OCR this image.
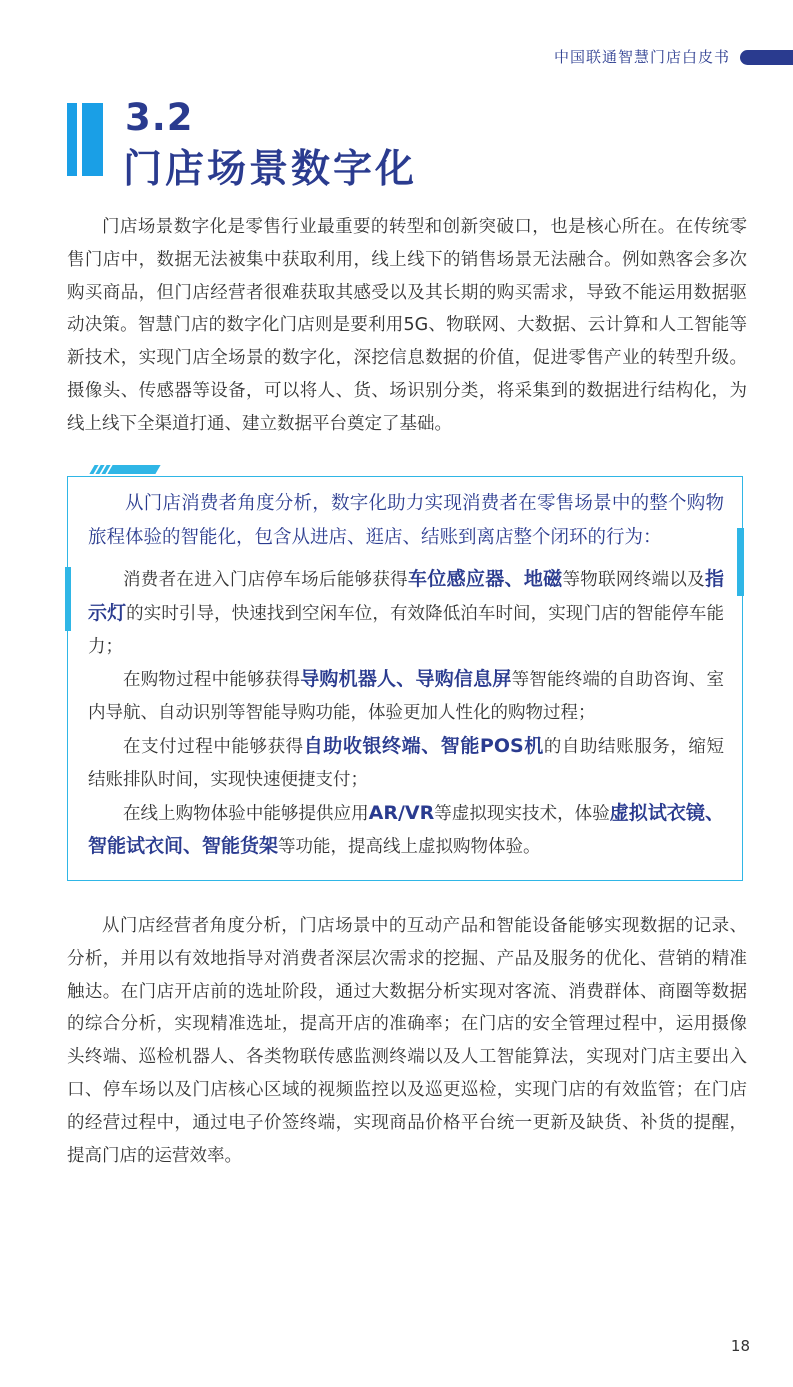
中国联通智慧门店白皮书
3.2
门店场景数字化

门店场景数字化是零售行业最重要的转型和创新突破口，也是核心所在。在传统零售门店中，数据无法被集中获取利用，线上线下的销售场景无法融合。例如熟客会多次购买商品，但门店经营者很难获取其感受以及其长期的购买需求，导致不能运用数据驱动决策。智慧门店的数字化门店则是要利用5G、物联网、大数据、云计算和人工智能等新技术，实现门店全场景的数字化，深挖信息数据的价值，促进零售产业的转型升级。摄像头、传感器等设备，可以将人、货、场识别分类，将采集到的数据进行结构化，为线上线下全渠道打通、建立数据平台奠定了基础。

从门店消费者角度分析，数字化助力实现消费者在零售场景中的整个购物旅程体验的智能化，包含从进店、逛店、结账到离店整个闭环的行为：

消费者在进入门店停车场后能够获得车位感应器、地磁等物联网终端以及指示灯的实时引导，快速找到空闲车位，有效降低泊车时间，实现门店的智能停车能力；

在购物过程中能够获得导购机器人、导购信息屏等智能终端的自助咨询、室内导航、自动识别等智能导购功能，体验更加人性化的购物过程；

在支付过程中能够获得自助收银终端、智能POS机的自助结账服务，缩短结账排队时间，实现快速便捷支付；

在线上购物体验中能够提供应用AR/VR等虚拟现实技术，体验虚拟试衣镜、智能试衣间、智能货架等功能，提高线上虚拟购物体验。

从门店经营者角度分析，门店场景中的互动产品和智能设备能够实现数据的记录、分析，并用以有效地指导对消费者深层次需求的挖掘、产品及服务的优化、营销的精准触达。在门店开店前的选址阶段，通过大数据分析实现对客流、消费群体、商圈等数据的综合分析，实现精准选址，提高开店的准确率；在门店的安全管理过程中，运用摄像头终端、巡检机器人、各类物联传感监测终端以及人工智能算法，实现对门店主要出入口、停车场以及门店核心区域的视频监控以及巡更巡检，实现门店的有效监管；在门店的经营过程中，通过电子价签终端，实现商品价格平台统一更新及缺货、补货的提醒，提高门店的运营效率。

18
